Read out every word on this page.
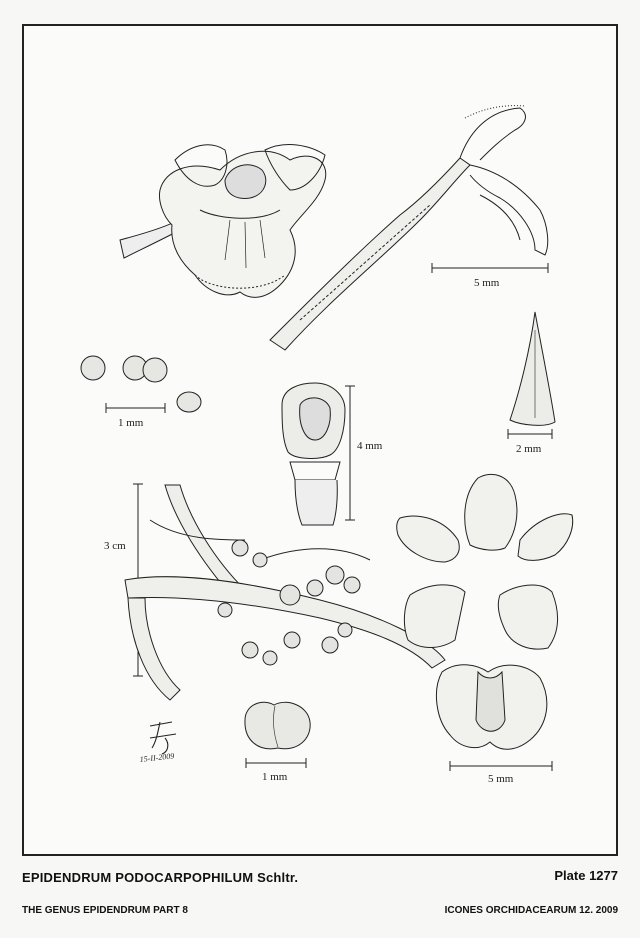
5 mm
1 mm
2 mm
4 mm
3 cm
5 mm
1 mm
15-II-2009
EPIDENDRUM PODOCARPOPHILUM Schltr.	Plate 1277
THE GENUS EPIDENDRUM PART 8	ICONES ORCHIDACEARUM 12. 2009
